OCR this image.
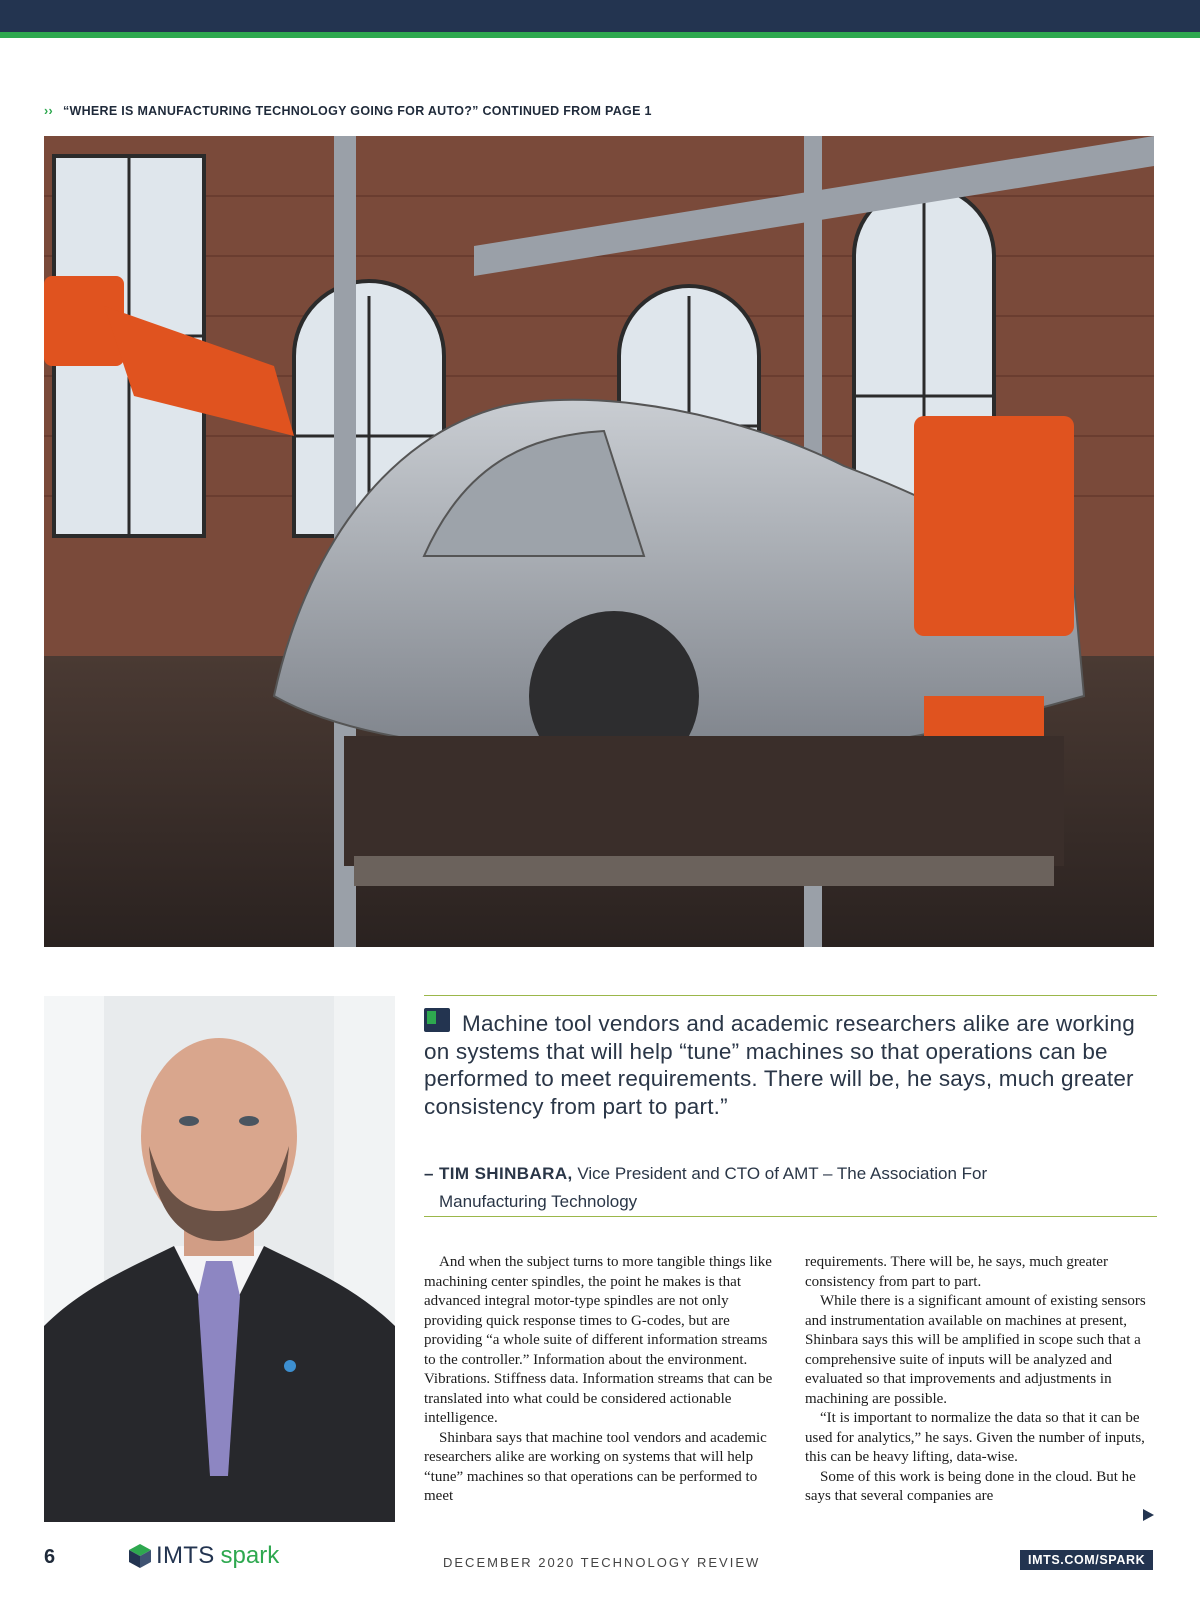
›› “WHERE IS MANUFACTURING TECHNOLOGY GOING FOR AUTO?” CONTINUED FROM PAGE 1
Machine tool vendors and academic researchers alike are working on systems that will help “tune” machines so that operations can be performed to meet requirements. There will be, he says, much greater consistency from part to part.”
– TIM SHINBARA, Vice President and CTO of AMT – The Association For
Manufacturing Technology

And when the subject turns to more tangible things like machining center spindles, the point he makes is that advanced integral motor-type spindles are not only providing quick response times to G-codes, but are providing “a whole suite of different information streams to the controller.” Information about the environment. Vibrations. Stiffness data. Information streams that can be translated into what could be considered actionable intelligence.

Shinbara says that machine tool vendors and academic researchers alike are working on systems that will help “tune” machines so that operations can be performed to meet

requirements. There will be, he says, much greater consistency from part to part.

While there is a significant amount of existing sensors and instrumentation available on machines at present, Shinbara says this will be amplified in scope such that a comprehensive suite of inputs will be analyzed and evaluated so that improvements and adjustments in machining are possible.

“It is important to normalize the data so that it can be used for analytics,” he says. Given the number of inputs, this can be heavy lifting, data-wise.

Some of this work is being done in the cloud. But he says that several companies are

6	IMTS spark	DECEMBER 2020 TECHNOLOGY REVIEW	IMTS.COM/SPARK
